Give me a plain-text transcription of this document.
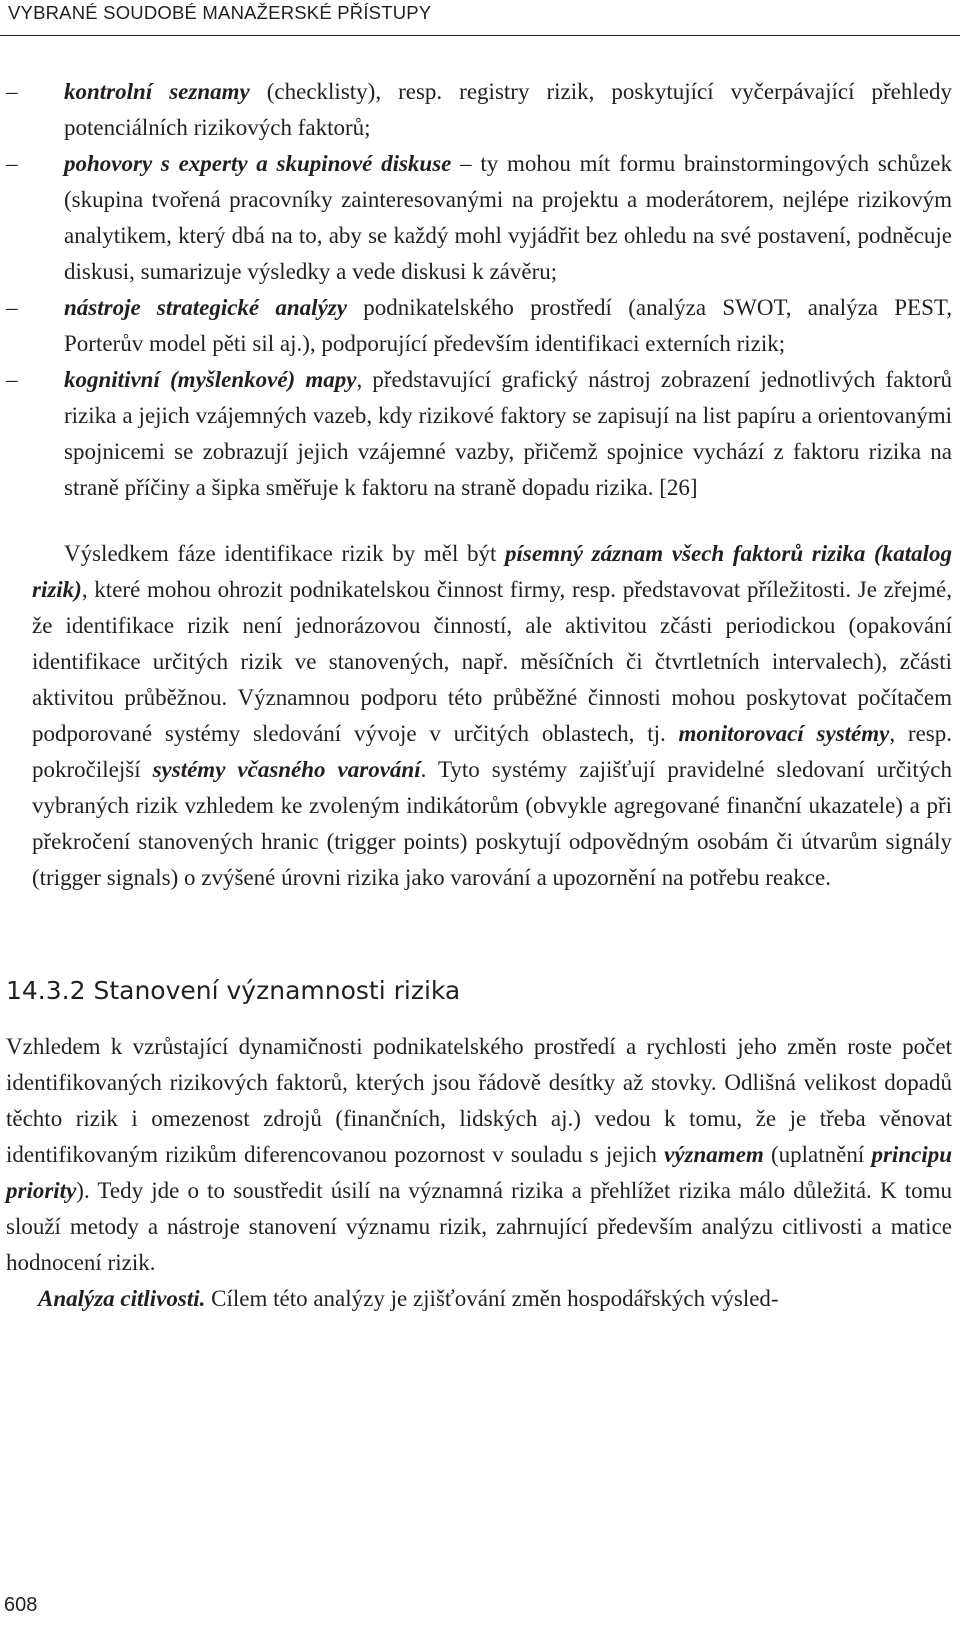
VYBRANÉ SOUDOBÉ MANAŽERSKÉ PŘÍSTUPY
– kontrolní seznamy (checklisty), resp. registry rizik, poskytující vyčerpávající přehledy potenciálních rizikových faktorů;
– pohovory s experty a skupinové diskuse – ty mohou mít formu brainstormingových schůzek (skupina tvořená pracovníky zainteresovanými na projektu a moderátorem, nejlépe rizikovým analytikem, který dbá na to, aby se každý mohl vyjádřit bez ohledu na své postavení, podněcuje diskusi, sumarizuje výsledky a vede diskusi k závěru;
– nástroje strategické analýzy podnikatelského prostředí (analýza SWOT, analýza PEST, Porterův model pěti sil aj.), podporující především identifikaci externích rizik;
– kognitivní (myšlenkové) mapy, představující grafický nástroj zobrazení jednotlivých faktorů rizika a jejich vzájemných vazeb, kdy rizikové faktory se zapisují na list papíru a orientovanými spojnicemi se zobrazují jejich vzájemné vazby, přičemž spojnice vychází z faktoru rizika na straně příčiny a šipka směřuje k faktoru na straně dopadu rizika. [26]

Výsledkem fáze identifikace rizik by měl být písemný záznam všech faktorů rizika (katalog rizik), které mohou ohrozit podnikatelskou činnost firmy, resp. představovat příležitosti. Je zřejmé, že identifikace rizik není jednorázovou činností, ale aktivitou zčásti periodickou (opakování identifikace určitých rizik ve stanovených, např. měsíčních či čtvrtletních intervalech), zčásti aktivitou průběžnou. Významnou podporu této průběžné činnosti mohou poskytovat počítačem podporované systémy sledování vývoje v určitých oblastech, tj. monitorovací systémy, resp. pokročilejší systémy včasného varování. Tyto systémy zajišťují pravidelné sledovaní určitých vybraných rizik vzhledem ke zvoleným indikátorům (obvykle agregované finanční ukazatele) a při překročení stanovených hranic (trigger points) poskytují odpovědným osobám či útvarům signály (trigger signals) o zvýšené úrovni rizika jako varování a upozornění na potřebu reakce.

14.3.2 Stanovení významnosti rizika

Vzhledem k vzrůstající dynamičnosti podnikatelského prostředí a rychlosti jeho změn roste počet identifikovaných rizikových faktorů, kterých jsou řádově desítky až stovky. Odlišná velikost dopadů těchto rizik i omezenost zdrojů (finančních, lidských aj.) vedou k tomu, že je třeba věnovat identifikovaným rizikům diferencovanou pozornost v souladu s jejich významem (uplatnění principu priority). Tedy jde o to soustředit úsilí na významná rizika a přehlížet rizika málo důležitá. K tomu slouží metody a nástroje stanovení významu rizik, zahrnující především analýzu citlivosti a matice hodnocení rizik.

Analýza citlivosti. Cílem této analýzy je zjišťování změn hospodářských výsled-

608
